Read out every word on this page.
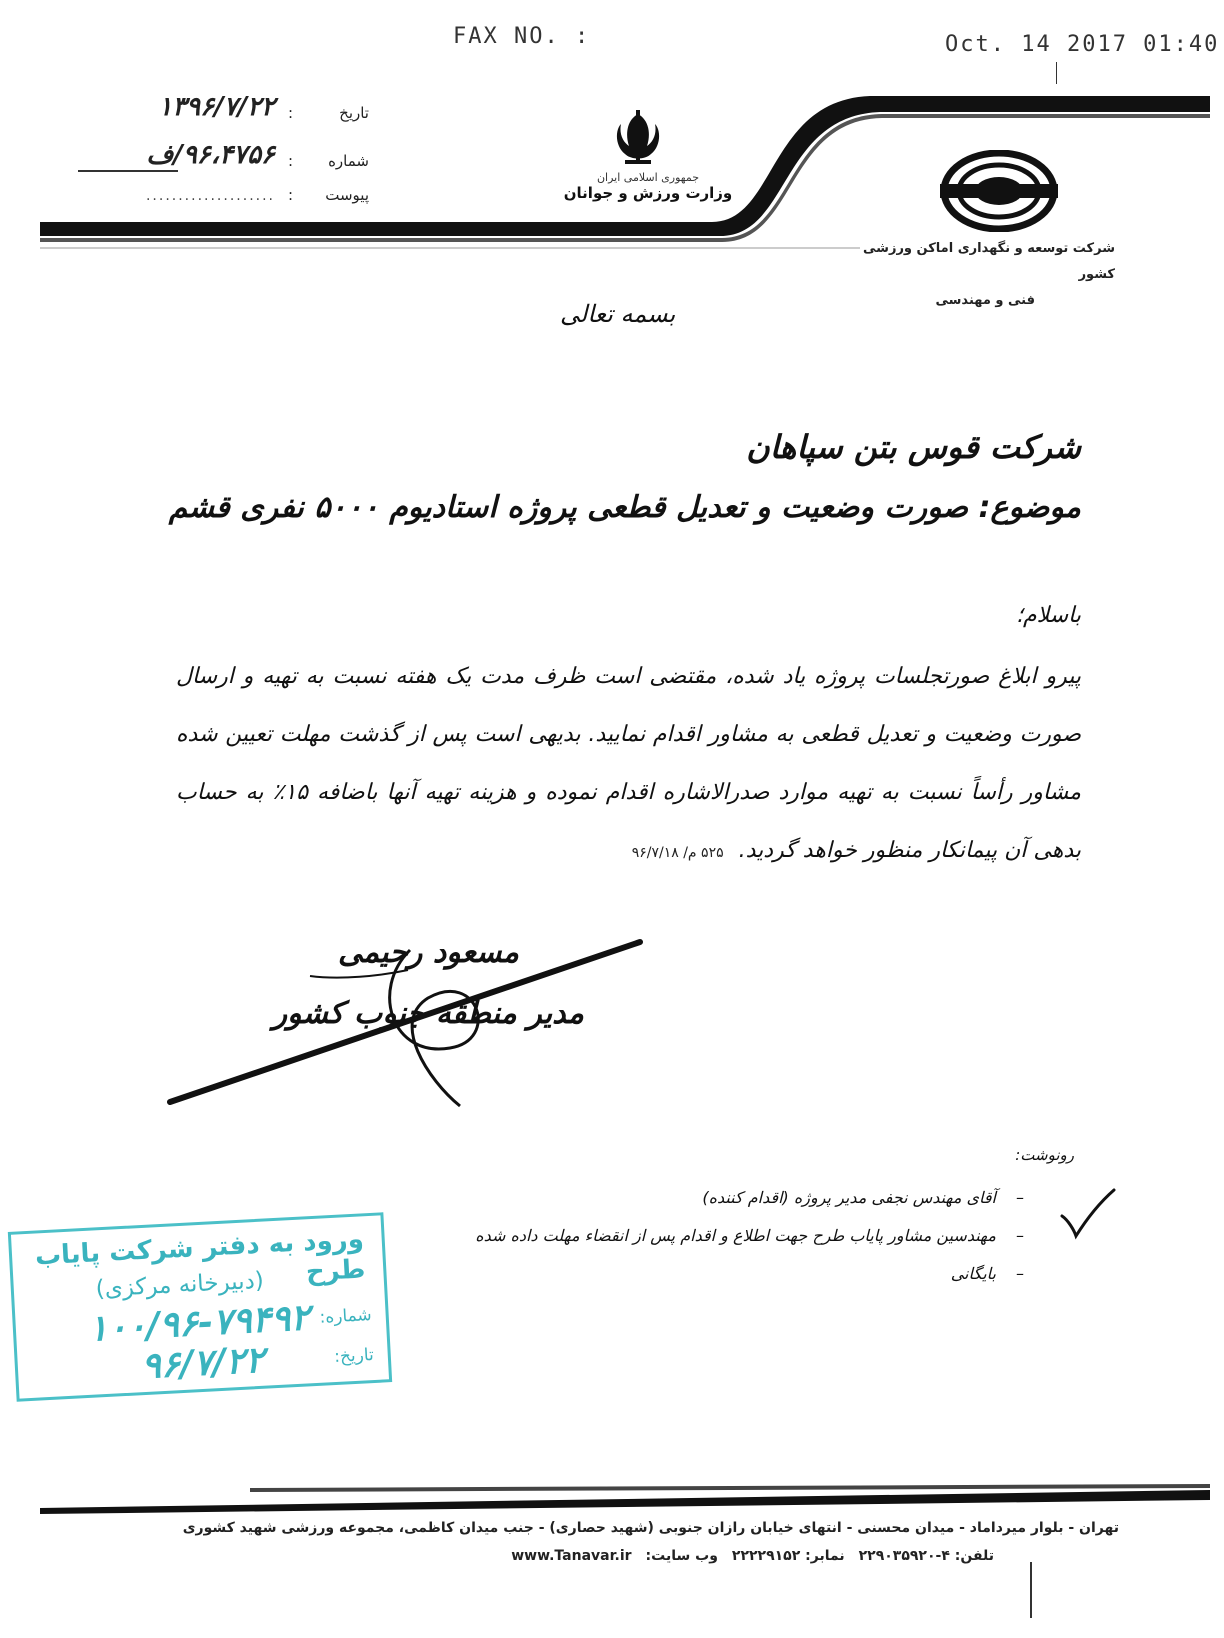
FAX NO. :	Oct. 14 2017 01:40
تاریخ
:
۱۳۹۶/۷/۲۲
شماره
:
۹۶،۴۷۵۶/ف
پیوست
:
....................
جمهوری اسلامی ایران
وزارت ورزش و جوانان
شرکت توسعه و نگهداری اماکن ورزشی کشور
فنی و مهندسی
بسمه تعالی
شرکت قوس بتن سپاهان
موضوع: صورت وضعیت و تعدیل قطعی پروژه استادیوم ۵۰۰۰ نفری قشم
باسلام؛
پیرو ابلاغ صورتجلسات پروژه یاد شده، مقتضی است ظرف مدت یک هفته نسبت به تهیه و ارسال صورت وضعیت و تعدیل قطعی به مشاور اقدام نمایید. بدیهی است پس از گذشت مهلت تعیین شده مشاور رأساً نسبت به تهیه موارد صدرالاشاره اقدام نموده و هزینه تهیه آنها باضافه ۱۵٪ به حساب بدهی آن پیمانکار منظور خواهد گردید. ۵۲۵ م/ ۹۶/۷/۱۸
مسعود رحیمی
مدیر منطقه جنوب کشور
رونوشت:
–
آقای مهندس نجفی مدیر پروژه (اقدام کننده)
–
مهندسین مشاور پایاب طرح جهت اطلاع و اقدام پس از انقضاء مهلت داده شده
–
بایگانی
ورود به دفتر شرکت پایاب طرح
(دبیرخانه مرکزی)
شماره:
۱۰۰/۹۶-۷۹۴۹۲
تاریخ:
۹۶/۷/۲۲
تهران - بلوار میرداماد - میدان محسنی - انتهای خیابان رازان جنوبی (شهید حصاری) - جنب میدان کاظمی، مجموعه ورزشی شهید کشوری
تلفن: ۴-۲۲۹۰۳۵۹۲۰
نمابر: ۲۲۲۲۹۱۵۲
وب سایت:
www.Tanavar.ir
